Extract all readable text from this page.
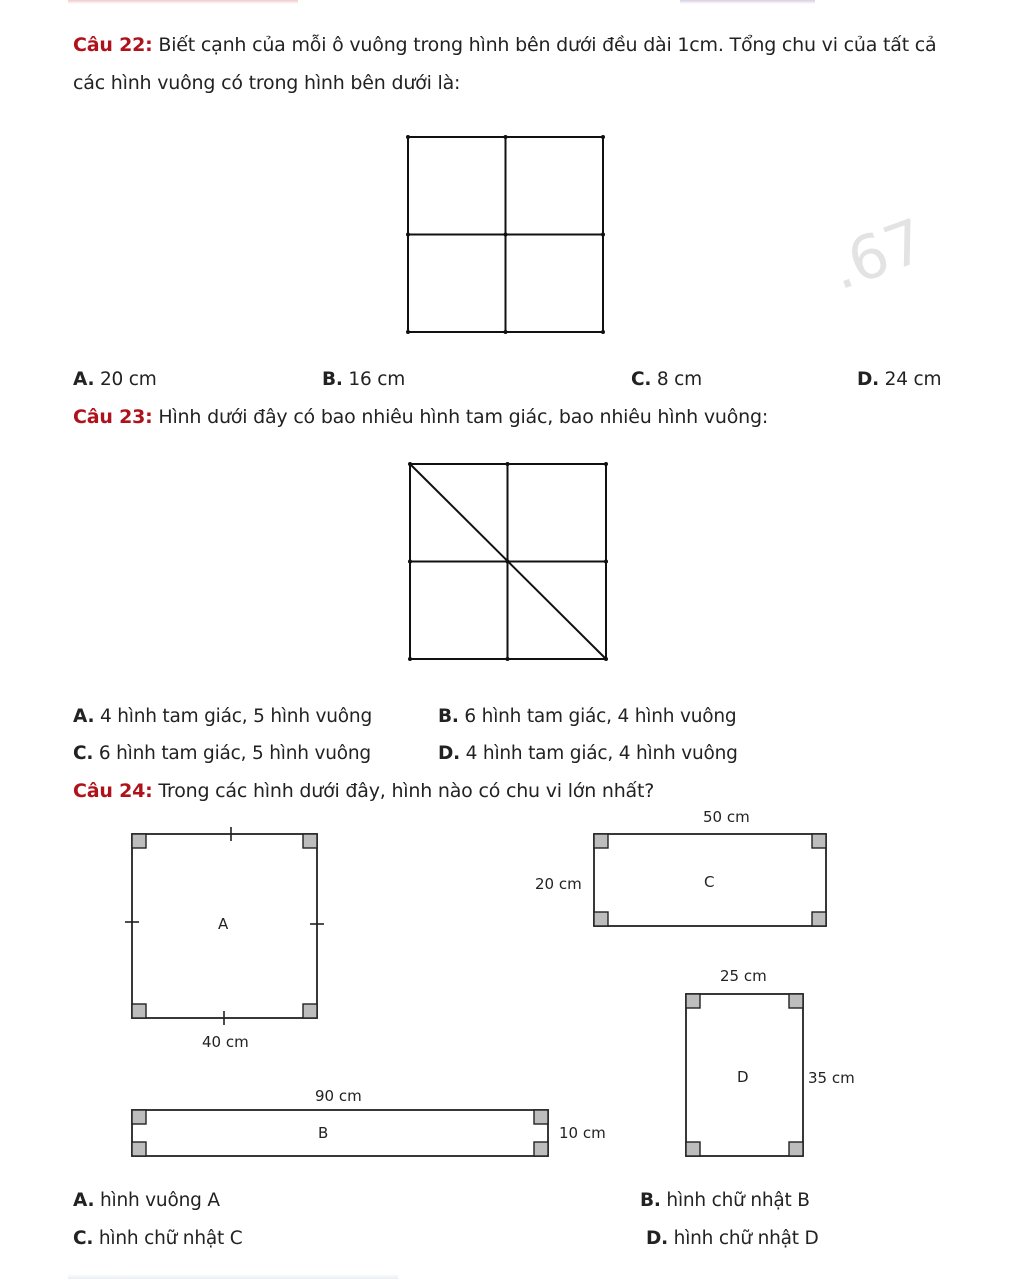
Câu 22: Biết cạnh của mỗi ô vuông trong hình bên dưới đều dài 1cm. Tổng chu vi của tất cả
các hình vuông có trong hình bên dưới là:
.67
A. 20 cm	B. 16 cm	C. 8 cm	D. 24 cm
Câu 23: Hình dưới đây có bao nhiêu hình tam giác, bao nhiêu hình vuông:
A. 4 hình tam giác, 5 hình vuông	B. 6 hình tam giác, 4 hình vuông
C. 6 hình tam giác, 5 hình vuông	D. 4 hình tam giác, 4 hình vuông
Câu 24: Trong các hình dưới đây, hình nào có chu vi lớn nhất?
A
40 cm
50 cm
20 cm	C
25 cm
35 cm
D
90 cm
10 cm
B
A. hình vuông A	B. hình chữ nhật B
C. hình chữ nhật C	D. hình chữ nhật D
